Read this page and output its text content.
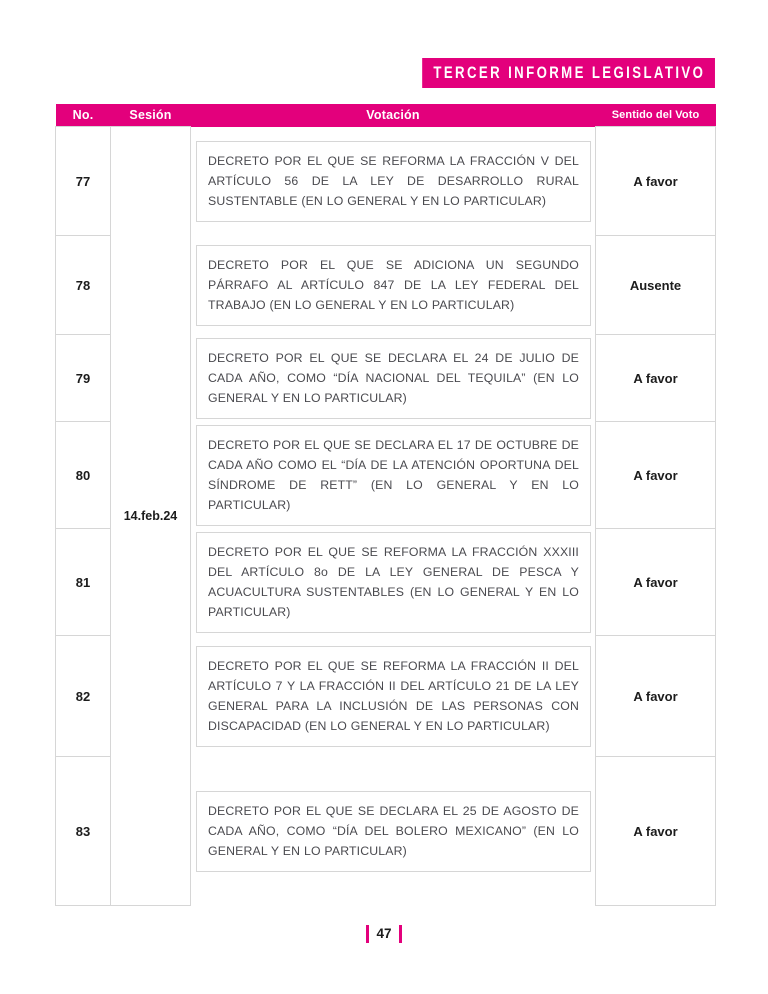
TERCER INFORME LEGISLATIVO
No.	Sesión	Votación	Sentido del Voto
77	14.feb.24	DECRETO POR EL QUE SE REFORMA LA FRACCIÓN V DEL ARTÍCULO 56 DE LA LEY DE DESARROLLO RURAL SUSTENTABLE (EN LO GENERAL Y EN LO PARTICULAR)	A favor
78		DECRETO POR EL QUE SE ADICIONA UN SEGUNDO PÁRRAFO AL ARTÍCULO 847 DE LA LEY FEDERAL DEL TRABAJO (EN LO GENERAL Y EN LO PARTICULAR)	Ausente
79		DECRETO POR EL QUE SE DECLARA EL 24 DE JULIO DE CADA AÑO, COMO “DÍA NACIONAL DEL TEQUILA” (EN LO GENERAL Y EN LO PARTICULAR)	A favor
80		DECRETO POR EL QUE SE DECLARA EL 17 DE OCTUBRE DE CADA AÑO COMO EL “DÍA DE LA ATENCIÓN OPORTUNA DEL SÍNDROME DE RETT” (EN LO GENERAL Y EN LO PARTICULAR)	A favor
81		DECRETO POR EL QUE SE REFORMA LA FRACCIÓN XXXIII DEL ARTÍCULO 8o DE LA LEY GENERAL DE PESCA Y ACUACULTURA SUSTENTABLES (EN LO GENERAL Y EN LO PARTICULAR)	A favor
82		DECRETO POR EL QUE SE REFORMA LA FRACCIÓN II DEL ARTÍCULO 7 Y LA FRACCIÓN II DEL ARTÍCULO 21 DE LA LEY GENERAL PARA LA INCLUSIÓN DE LAS PERSONAS CON DISCAPACIDAD (EN LO GENERAL Y EN LO PARTICULAR)	A favor
83		DECRETO POR EL QUE SE DECLARA EL 25 DE AGOSTO DE CADA AÑO, COMO “DÍA DEL BOLERO MEXICANO” (EN LO GENERAL Y EN LO PARTICULAR)	A favor
47
